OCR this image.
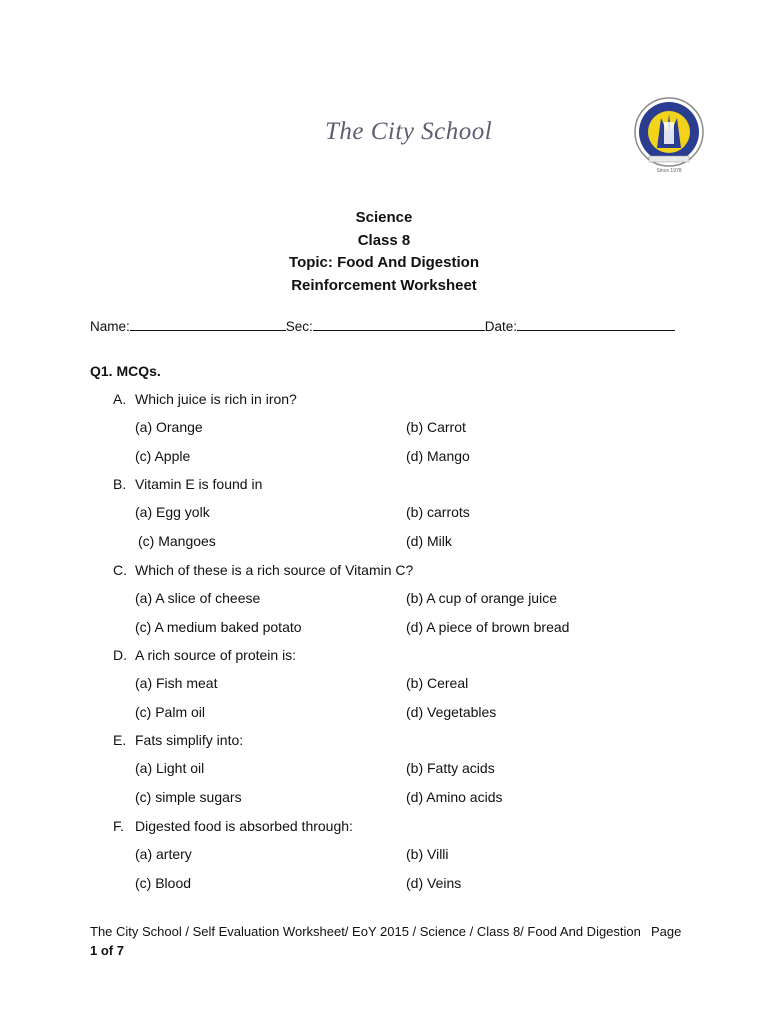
The City School
Since 1978
Science
Class 8
Topic: Food And Digestion
Reinforcement Worksheet
Name:	Sec:	Date:
Q1. MCQs.
A. Which juice is rich in iron?
(a) Orange	(b) Carrot
(c) Apple	(d) Mango
B. Vitamin E is found in
(a) Egg yolk	(b) carrots
(c) Mangoes	(d) Milk
C. Which of these is a rich source of Vitamin C?
(a) A slice of cheese	(b) A cup of orange juice
(c) A medium baked potato	(d) A piece of brown bread
D. A rich source of protein is:
(a) Fish meat	(b) Cereal
(c) Palm oil	(d) Vegetables
E. Fats simplify into:
(a) Light oil	(b) Fatty acids
(c) simple sugars	(d) Amino acids
F. Digested food is absorbed through:
(a) artery	(b) Villi
(c) Blood	(d) Veins
The City School / Self Evaluation Worksheet/ EoY 2015 / Science / Class 8/ Food And Digestion Page
1 of 7
